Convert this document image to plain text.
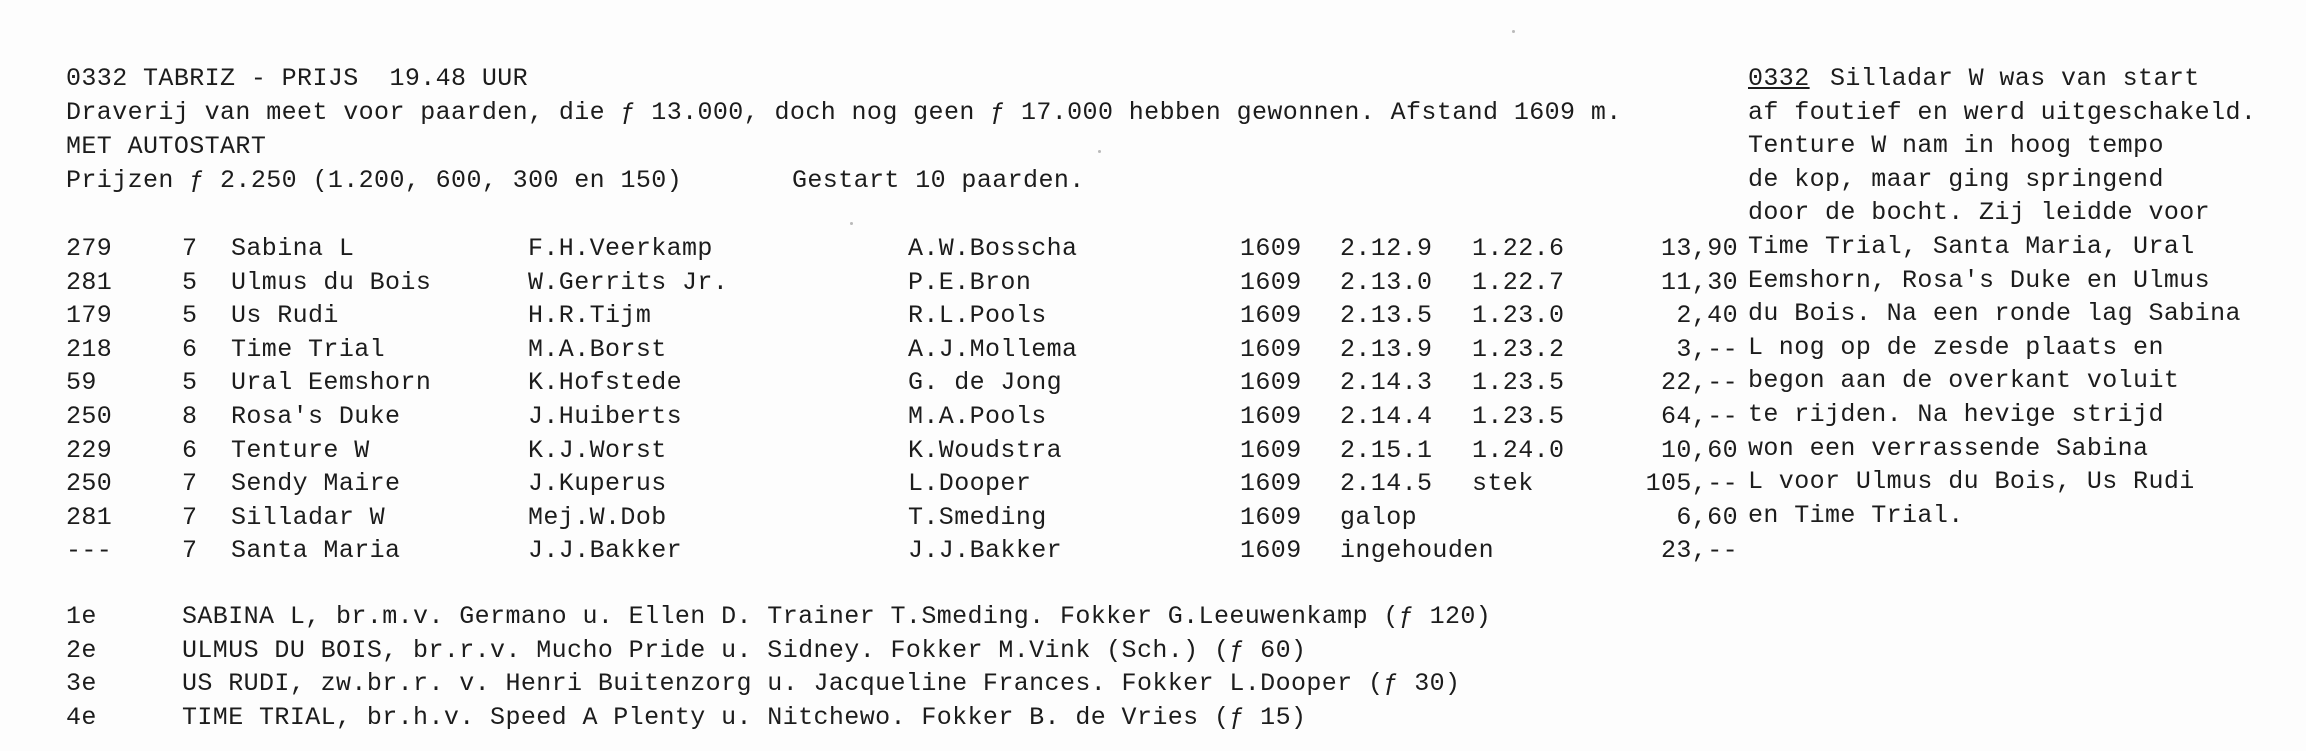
0332 TABRIZ - PRIJS  19.48 UUR
Draverij van meet voor paarden, die ƒ 13.000, doch nog geen ƒ 17.000 hebben gewonnen. Afstand 1609 m.
MET AUTOSTART
Prijzen ƒ 2.250 (1.200, 600, 300 en 150)	Gestart 10 paarden.
279	7 Sabina L	F.H.Veerkamp	A.W.Bosscha	1609 2.12.9 1.22.6	13,90
281	5 Ulmus du Bois	W.Gerrits Jr.	P.E.Bron	1609 2.13.0 1.22.7	11,30
179	5 Us Rudi	H.R.Tijm	R.L.Pools	1609 2.13.5 1.23.0	2,40
218	6 Time Trial	M.A.Borst	A.J.Mollema	1609 2.13.9 1.23.2	3,--
59	5 Ural Eemshorn	K.Hofstede	G. de Jong	1609 2.14.3 1.23.5	22,--
250	8 Rosa's Duke	J.Huiberts	M.A.Pools	1609 2.14.4 1.23.5	64,--
229	6 Tenture W	K.J.Worst	K.Woudstra	1609 2.15.1 1.24.0	10,60
250	7 Sendy Maire	J.Kuperus	L.Dooper	1609 2.14.5 stek	105,--
281	7 Silladar W	Mej.W.Dob	T.Smeding	1609 galop	6,60
---	7 Santa Maria	J.J.Bakker	J.J.Bakker	1609 ingehouden	23,--
1e	SABINA L, br.m.v. Germano u. Ellen D. Trainer T.Smeding. Fokker G.Leeuwenkamp (ƒ 120)
2e	ULMUS DU BOIS, br.r.v. Mucho Pride u. Sidney. Fokker M.Vink (Sch.) (ƒ 60)
3e	US RUDI, zw.br.r. v. Henri Buitenzorg u. Jacqueline Frances. Fokker L.Dooper (ƒ 30)
4e	TIME TRIAL, br.h.v. Speed A Plenty u. Nitchewo. Fokker B. de Vries (ƒ 15)
0332 Silladar W was van start
af foutief en werd uitgeschakeld.
Tenture W nam in hoog tempo
de kop, maar ging springend
door de bocht. Zij leidde voor
Time Trial, Santa Maria, Ural
Eemshorn, Rosa's Duke en Ulmus
du Bois. Na een ronde lag Sabina
L nog op de zesde plaats en
begon aan de overkant voluit
te rijden. Na hevige strijd
won een verrassende Sabina
L voor Ulmus du Bois, Us Rudi
en Time Trial.
